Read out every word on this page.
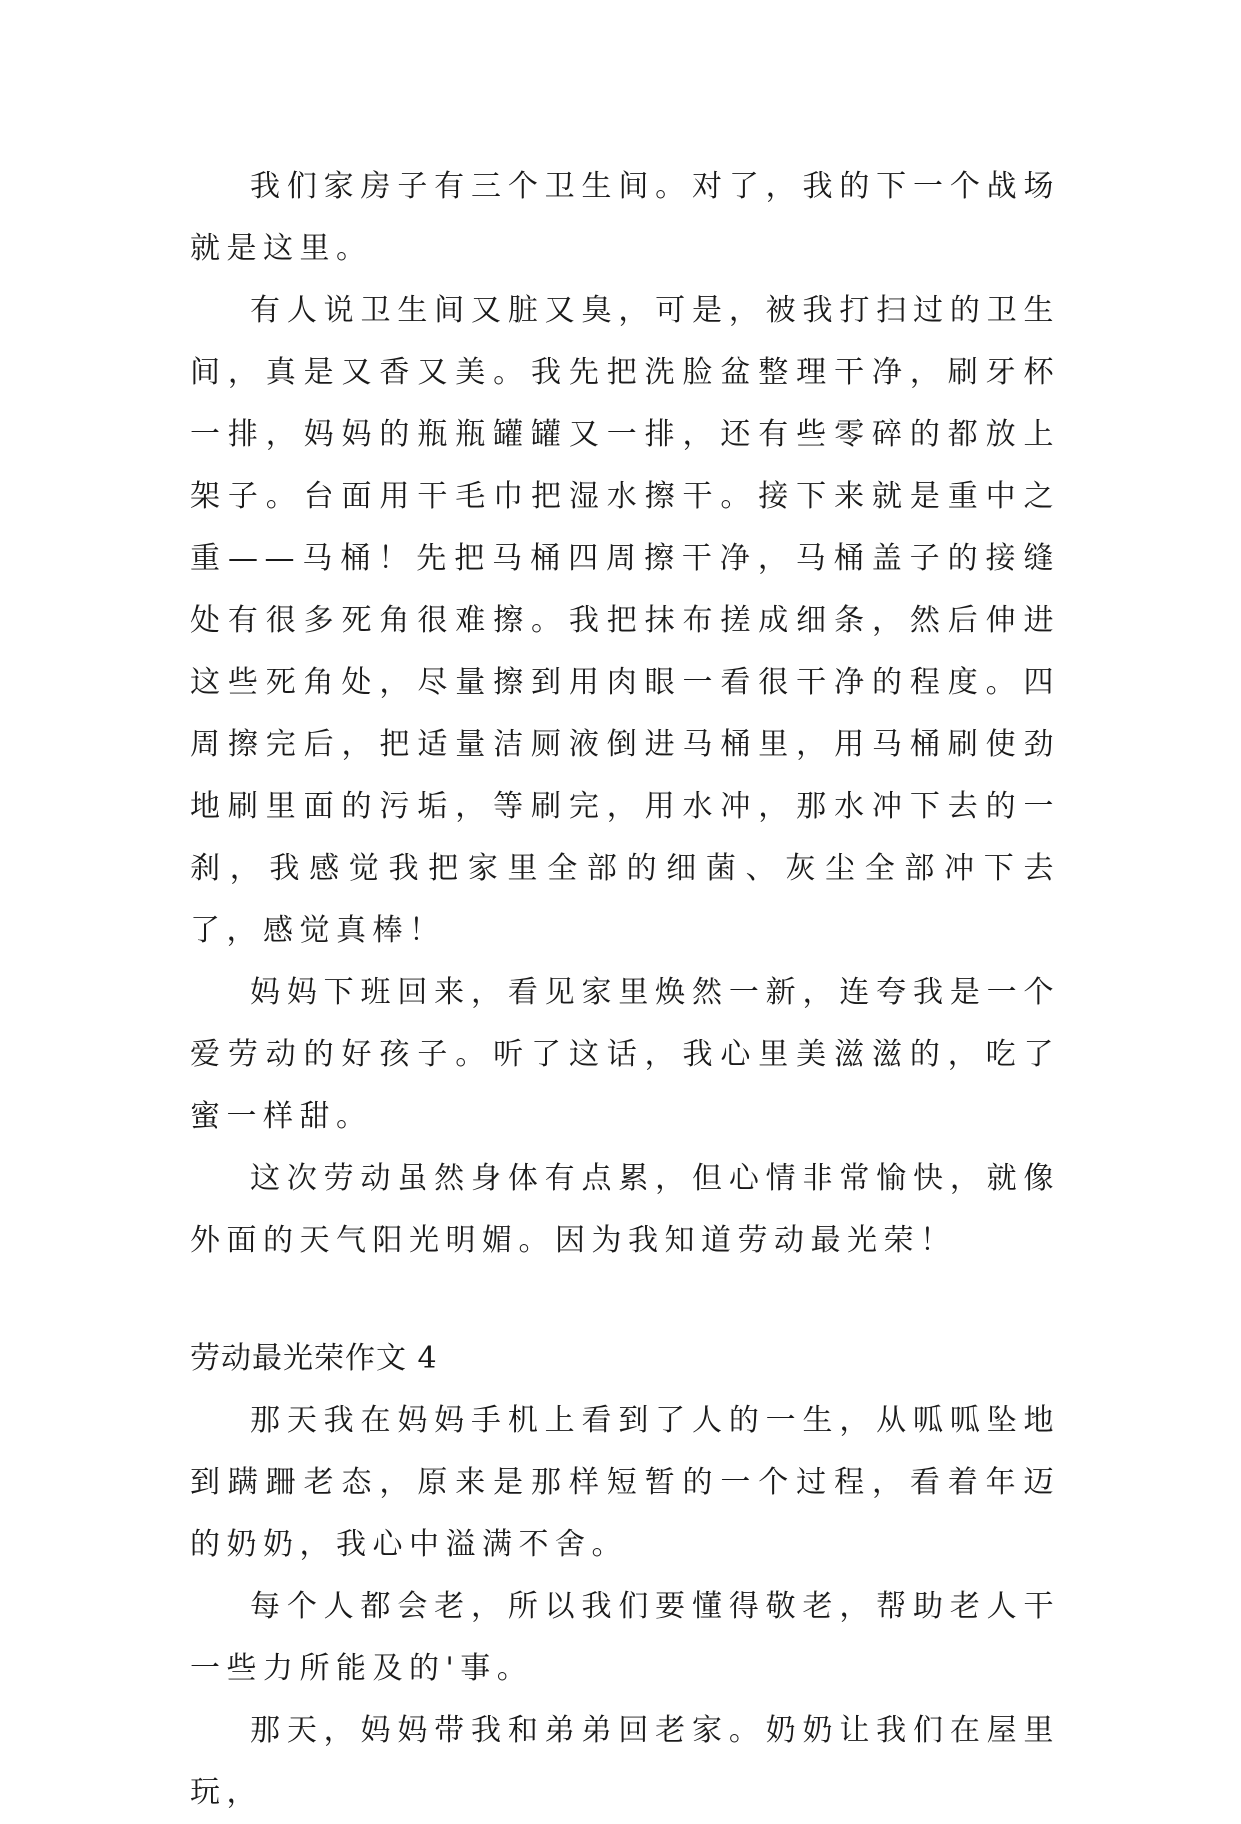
我们家房子有三个卫生间。对了，我的下一个战场就是这里。

有人说卫生间又脏又臭，可是，被我打扫过的卫生间，真是又香又美。我先把洗脸盆整理干净，刷牙杯一排，妈妈的瓶瓶罐罐又一排，还有些零碎的都放上架子。台面用干毛巾把湿水擦干。接下来就是重中之重——马桶！先把马桶四周擦干净，马桶盖子的接缝处有很多死角很难擦。我把抹布搓成细条，然后伸进这些死角处，尽量擦到用肉眼一看很干净的程度。四周擦完后，把适量洁厕液倒进马桶里，用马桶刷使劲地刷里面的污垢，等刷完，用水冲，那水冲下去的一刹，我感觉我把家里全部的细菌、灰尘全部冲下去了，感觉真棒！

妈妈下班回来，看见家里焕然一新，连夸我是一个爱劳动的好孩子。听了这话，我心里美滋滋的，吃了蜜一样甜。

这次劳动虽然身体有点累，但心情非常愉快，就像外面的天气阳光明媚。因为我知道劳动最光荣！

劳动最光荣作文 4

那天我在妈妈手机上看到了人的一生，从呱呱坠地到蹒跚老态，原来是那样短暂的一个过程，看着年迈的奶奶，我心中溢满不舍。

每个人都会老，所以我们要懂得敬老，帮助老人干一些力所能及的'事。

那天，妈妈带我和弟弟回老家。奶奶让我们在屋里玩，
